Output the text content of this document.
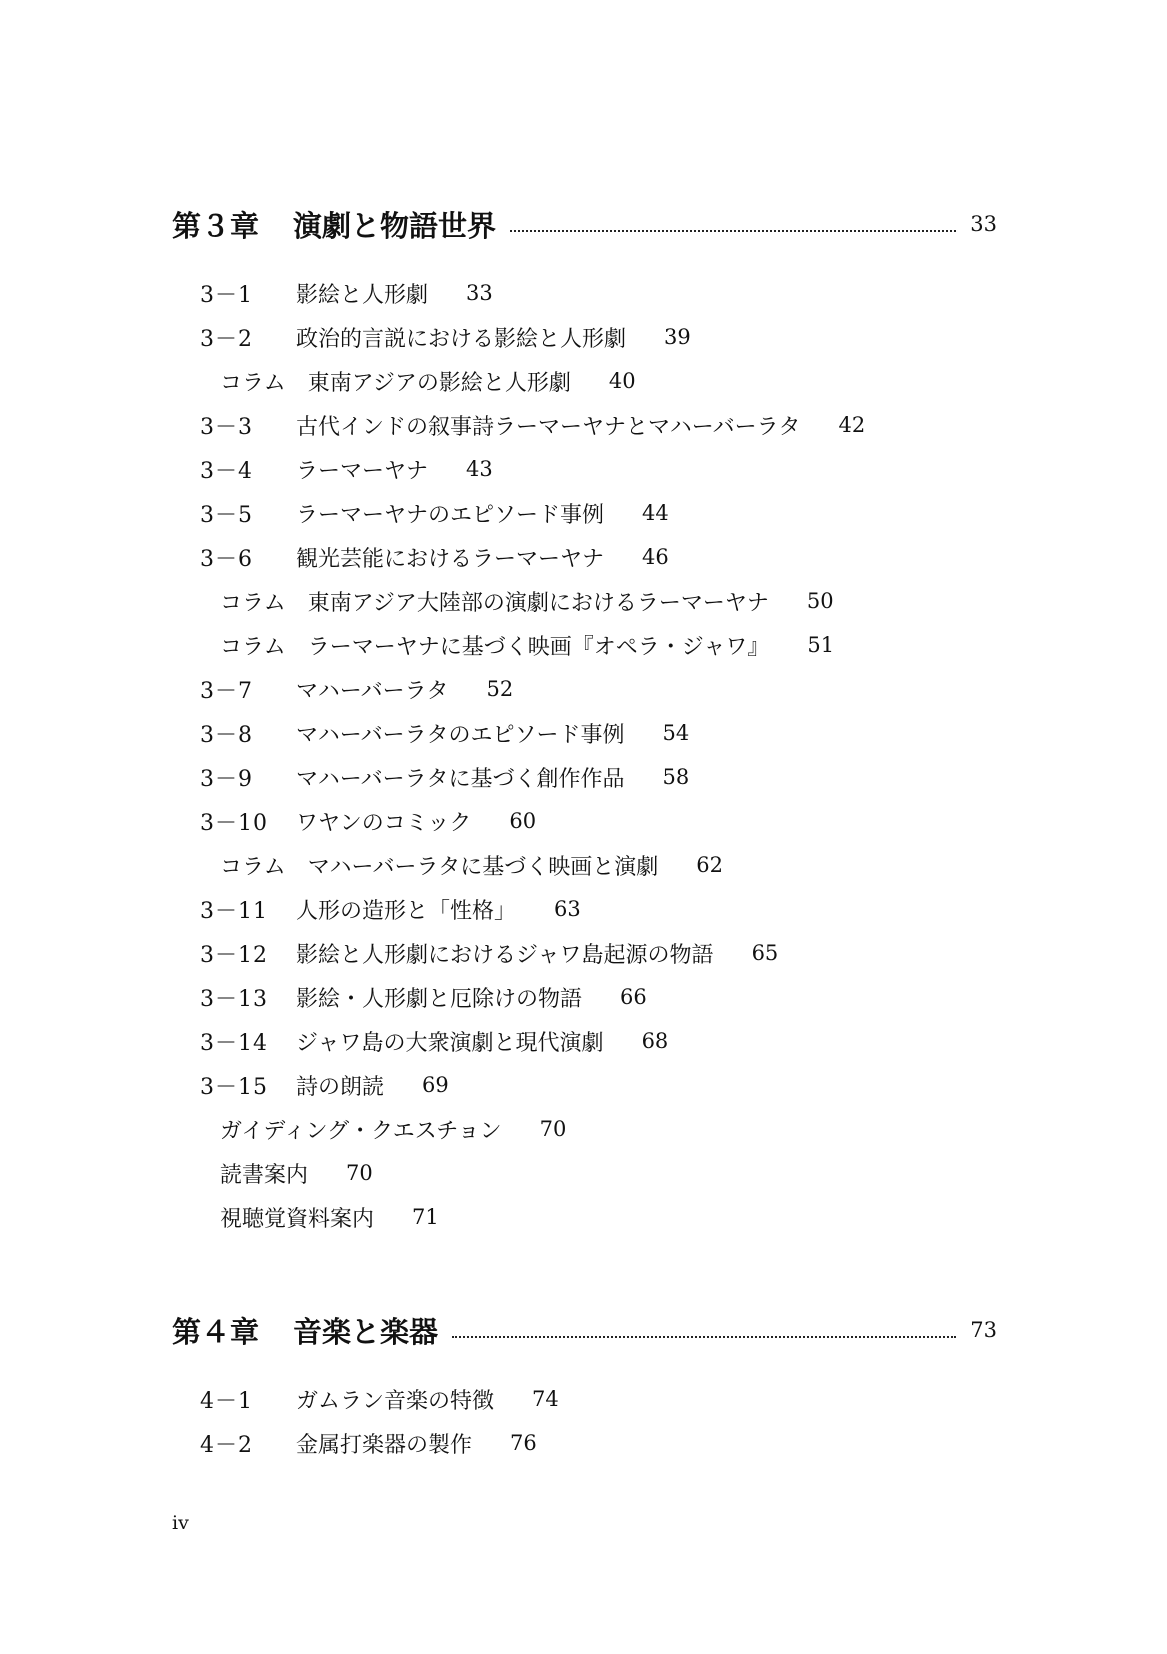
第３章 演劇と物語世界	33
3－1	影絵と人形劇 33
3－2	政治的言説における影絵と人形劇 39
コラム　東南アジアの影絵と人形劇 40
3－3	古代インドの叙事詩ラーマーヤナとマハーバーラタ 42
3－4	ラーマーヤナ 43
3－5	ラーマーヤナのエピソード事例 44
3－6	観光芸能におけるラーマーヤナ 46
コラム　東南アジア大陸部の演劇におけるラーマーヤナ 50
コラム　ラーマーヤナに基づく映画『オペラ・ジャワ』 51
3－7	マハーバーラタ 52
3－8	マハーバーラタのエピソード事例 54
3－9	マハーバーラタに基づく創作作品 58
3－10	ワヤンのコミック 60
コラム　マハーバーラタに基づく映画と演劇 62
3－11	人形の造形と「性格」 63
3－12	影絵と人形劇におけるジャワ島起源の物語 65
3－13	影絵・人形劇と厄除けの物語 66
3－14	ジャワ島の大衆演劇と現代演劇 68
3－15	詩の朗読 69
ガイディング・クエスチョン 70
読書案内 70
視聴覚資料案内 71
第４章 音楽と楽器	73
4－1	ガムラン音楽の特徴 74
4－2	金属打楽器の製作 76
iv
